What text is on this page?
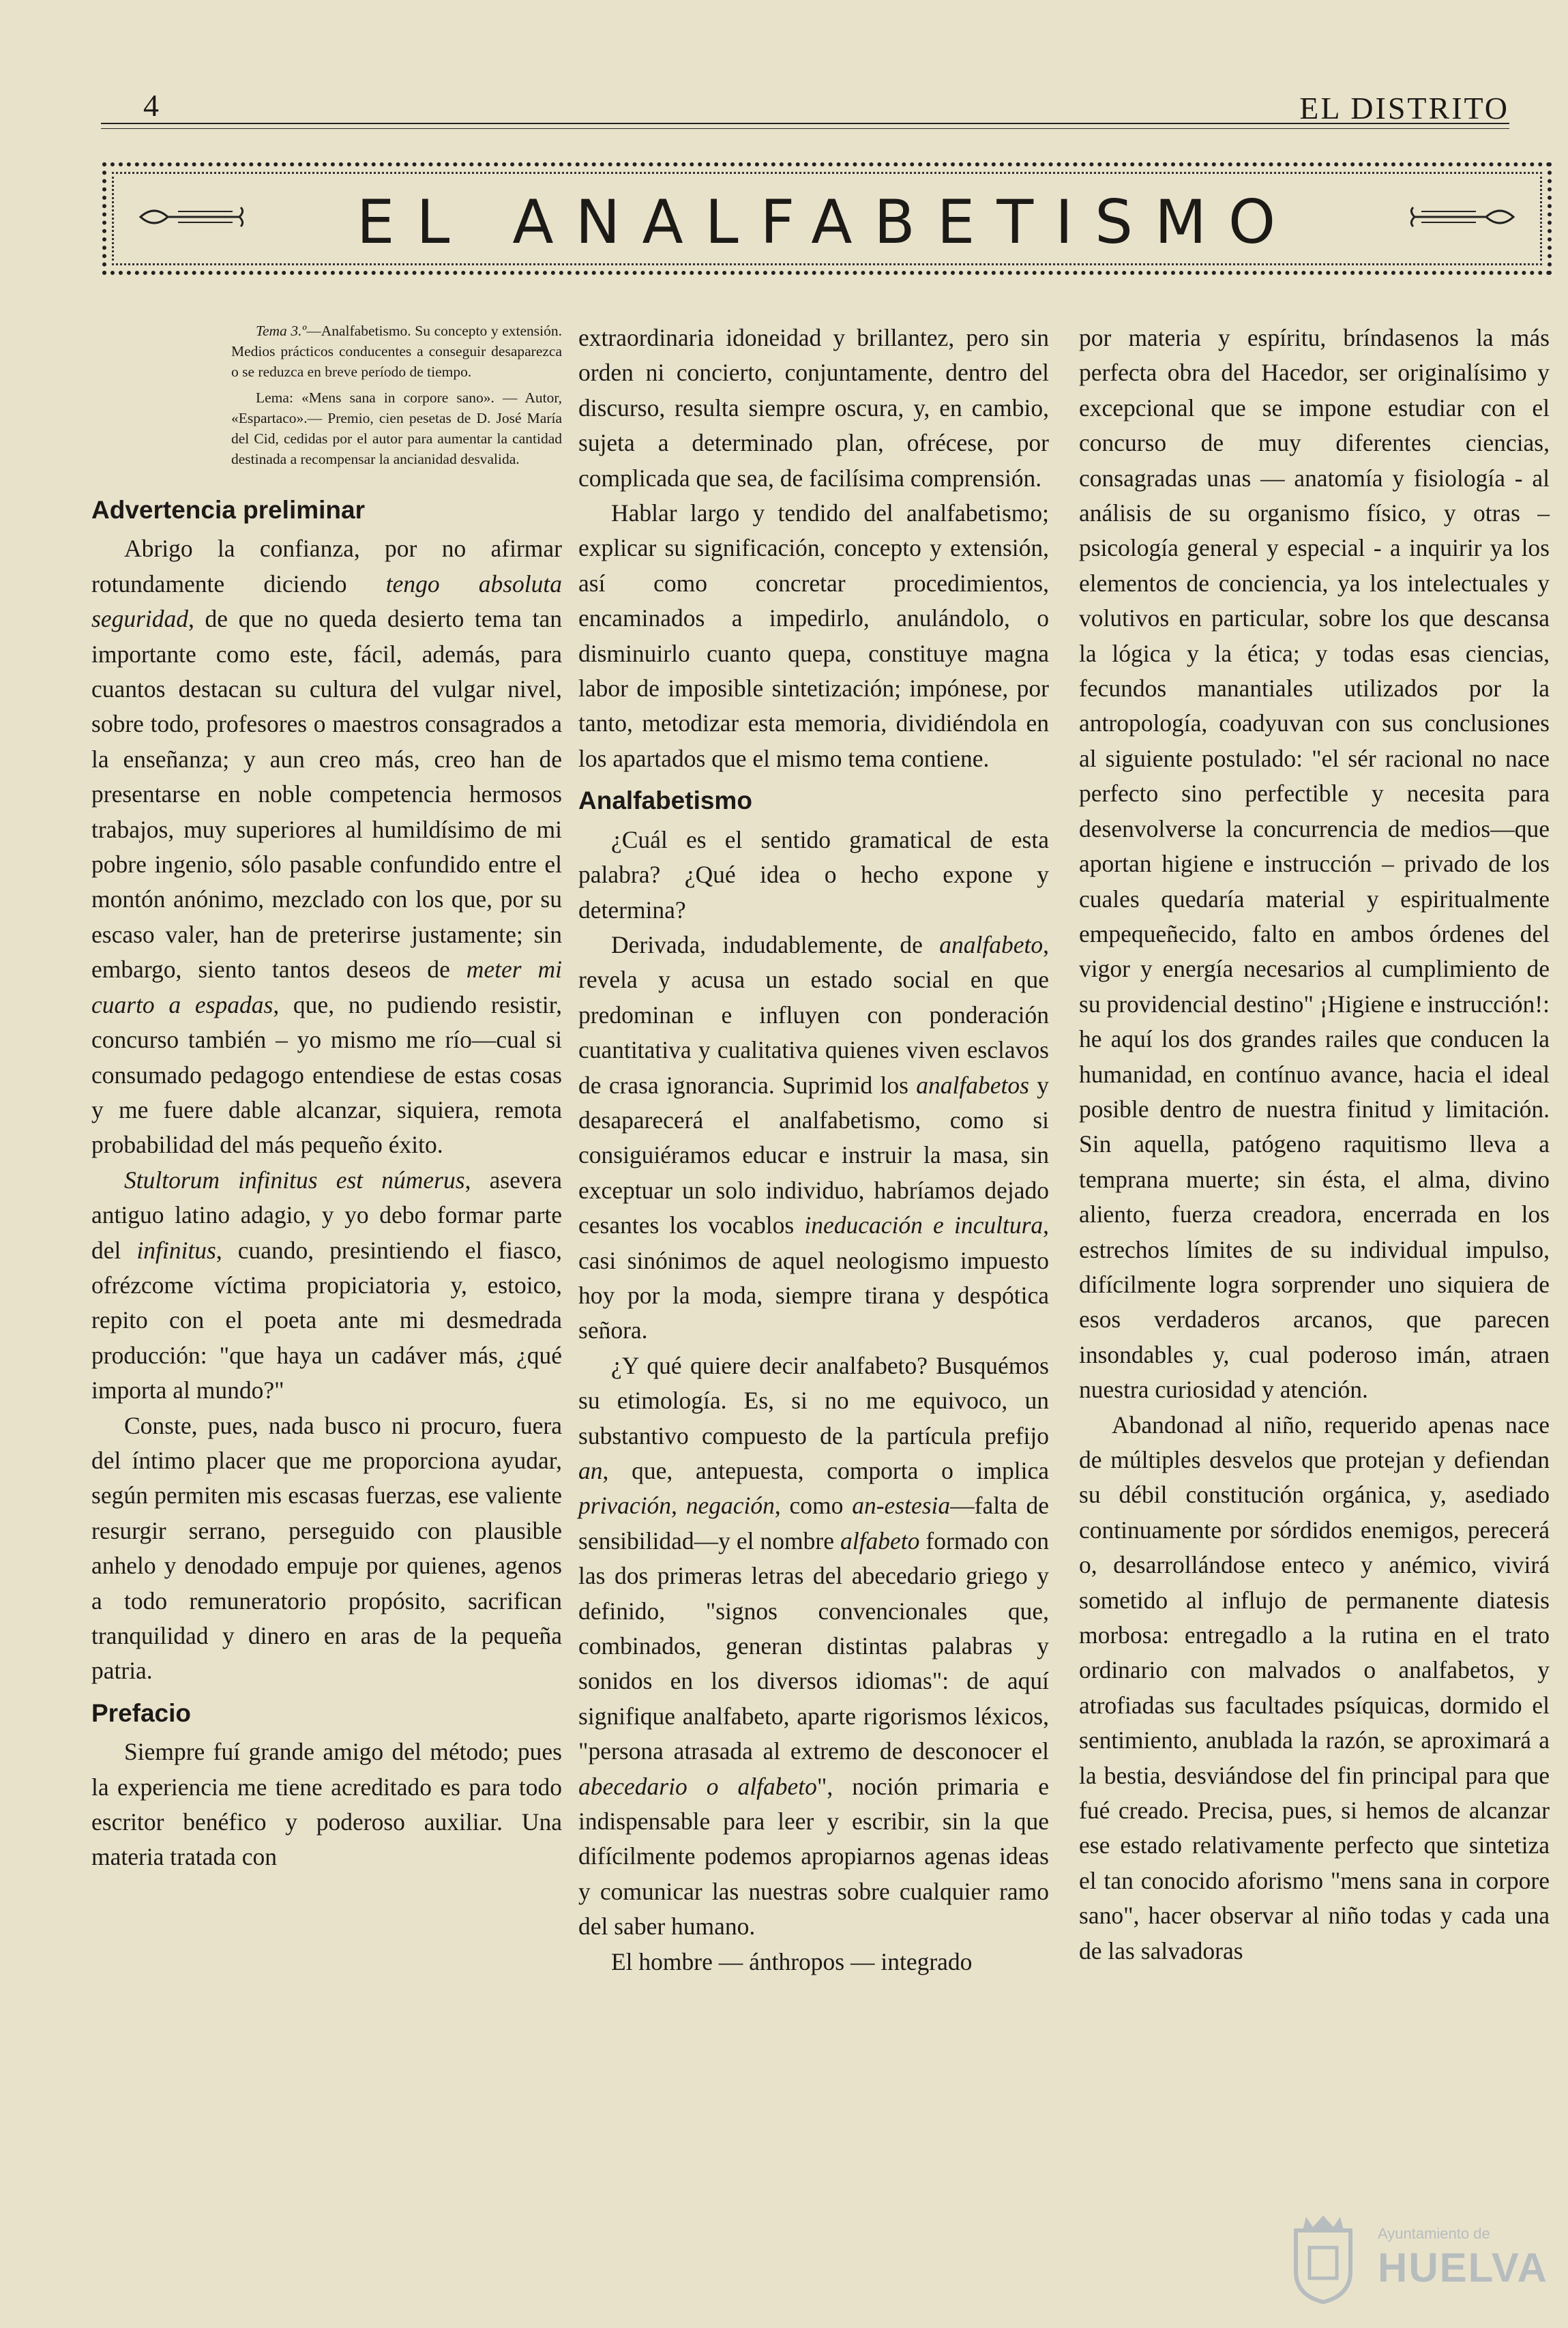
4	EL DISTRITO
EL ANALFABETISMO

Tema 3.º—Analfabetismo. Su concepto y extensión. Medios prácticos conducentes a conseguir desaparezca o se reduzca en breve período de tiempo.

Lema: «Mens sana in corpore sano». — Autor, «Espartaco».— Premio, cien pesetas de D. José María del Cid, cedidas por el autor para aumentar la cantidad destinada a recompensar la ancianidad desvalida.

Advertencia preliminar

Abrigo la confianza, por no afirmar rotundamente diciendo tengo absoluta seguridad, de que no queda desierto tema tan importante como este, fácil, además, para cuantos destacan su cultura del vulgar nivel, sobre todo, profesores o maestros consagrados a la enseñanza; y aun creo más, creo han de presentarse en noble competencia hermosos trabajos, muy superiores al humildísimo de mi pobre ingenio, sólo pasable confundido entre el montón anónimo, mezclado con los que, por su escaso valer, han de preterirse justamente; sin embargo, siento tantos deseos de meter mi cuarto a espadas, que, no pudiendo resistir, concurso también – yo mismo me río—cual si consumado pedagogo entendiese de estas cosas y me fuere dable alcanzar, siquiera, remota probabilidad del más pequeño éxito.

Stultorum infinitus est númerus, asevera antiguo latino adagio, y yo debo formar parte del infinitus, cuando, presintiendo el fiasco, ofrézcome víctima propiciatoria y, estoico, repito con el poeta ante mi desmedrada producción: "que haya un cadáver más, ¿qué importa al mundo?"

Conste, pues, nada busco ni procuro, fuera del íntimo placer que me proporciona ayudar, según permiten mis escasas fuerzas, ese valiente resurgir serrano, perseguido con plausible anhelo y denodado empuje por quienes, agenos a todo remuneratorio propósito, sacrifican tranquilidad y dinero en aras de la pequeña patria.

Prefacio

Siempre fuí grande amigo del método; pues la experiencia me tiene acreditado es para todo escritor benéfico y poderoso auxiliar. Una materia tratada con

extraordinaria idoneidad y brillantez, pero sin orden ni concierto, conjuntamente, dentro del discurso, resulta siempre oscura, y, en cambio, sujeta a determinado plan, ofrécese, por complicada que sea, de facilísima comprensión.

Hablar largo y tendido del analfabetismo; explicar su significación, concepto y extensión, así como concretar procedimientos, encaminados a impedirlo, anulándolo, o disminuirlo cuanto quepa, constituye magna labor de imposible sintetización; impónese, por tanto, metodizar esta memoria, dividiéndola en los apartados que el mismo tema contiene.

Analfabetismo

¿Cuál es el sentido gramatical de esta palabra? ¿Qué idea o hecho expone y determina?

Derivada, indudablemente, de analfabeto, revela y acusa un estado social en que predominan e influyen con ponderación cuantitativa y cualitativa quienes viven esclavos de crasa ignorancia. Suprimid los analfabetos y desaparecerá el analfabetismo, como si consiguiéramos educar e instruir la masa, sin exceptuar un solo individuo, habríamos dejado cesantes los vocablos ineducación e incultura, casi sinónimos de aquel neologismo impuesto hoy por la moda, siempre tirana y despótica señora.

¿Y qué quiere decir analfabeto? Busquémos su etimología. Es, si no me equivoco, un substantivo compuesto de la partícula prefijo an, que, antepuesta, comporta o implica privación, negación, como an-estesia—falta de sensibilidad—y el nombre alfabeto formado con las dos primeras letras del abecedario griego y definido, "signos convencionales que, combinados, generan distintas palabras y sonidos en los diversos idiomas": de aquí signifique analfabeto, aparte rigorismos léxicos, "persona atrasada al extremo de desconocer el abecedario o alfabeto", noción primaria e indispensable para leer y escribir, sin la que difícilmente podemos apropiarnos agenas ideas y comunicar las nuestras sobre cualquier ramo del saber humano.

El hombre — ánthropos — integrado

por materia y espíritu, bríndasenos la más perfecta obra del Hacedor, ser originalísimo y excepcional que se impone estudiar con el concurso de muy diferentes ciencias, consagradas unas — anatomía y fisiología - al análisis de su organismo físico, y otras – psicología general y especial - a inquirir ya los elementos de conciencia, ya los intelectuales y volutivos en particular, sobre los que descansa la lógica y la ética; y todas esas ciencias, fecundos manantiales utilizados por la antropología, coadyuvan con sus conclusiones al siguiente postulado: "el sér racional no nace perfecto sino perfectible y necesita para desenvolverse la concurrencia de medios—que aportan higiene e instrucción – privado de los cuales quedaría material y espiritualmente empequeñecido, falto en ambos órdenes del vigor y energía necesarios al cumplimiento de su providencial destino" ¡Higiene e instrucción!: he aquí los dos grandes railes que conducen la humanidad, en contínuo avance, hacia el ideal posible dentro de nuestra finitud y limitación. Sin aquella, patógeno raquitismo lleva a temprana muerte; sin ésta, el alma, divino aliento, fuerza creadora, encerrada en los estrechos límites de su individual impulso, difícilmente logra sorprender uno siquiera de esos verdaderos arcanos, que parecen insondables y, cual poderoso imán, atraen nuestra curiosidad y atención.

Abandonad al niño, requerido apenas nace de múltiples desvelos que protejan y defiendan su débil constitución orgánica, y, asediado continuamente por sórdidos enemigos, perecerá o, desarrollándose enteco y anémico, vivirá sometido al influjo de permanente diatesis morbosa: entregadlo a la rutina en el trato ordinario con malvados o analfabetos, y atrofiadas sus facultades psíquicas, dormido el sentimiento, anublada la razón, se aproximará a la bestia, desviándose del fin principal para que fué creado. Precisa, pues, si hemos de alcanzar ese estado relativamente perfecto que sintetiza el tan conocido aforismo "mens sana in corpore sano", hacer observar al niño todas y cada una de las salvadoras

Ayuntamiento de
HUELVA
